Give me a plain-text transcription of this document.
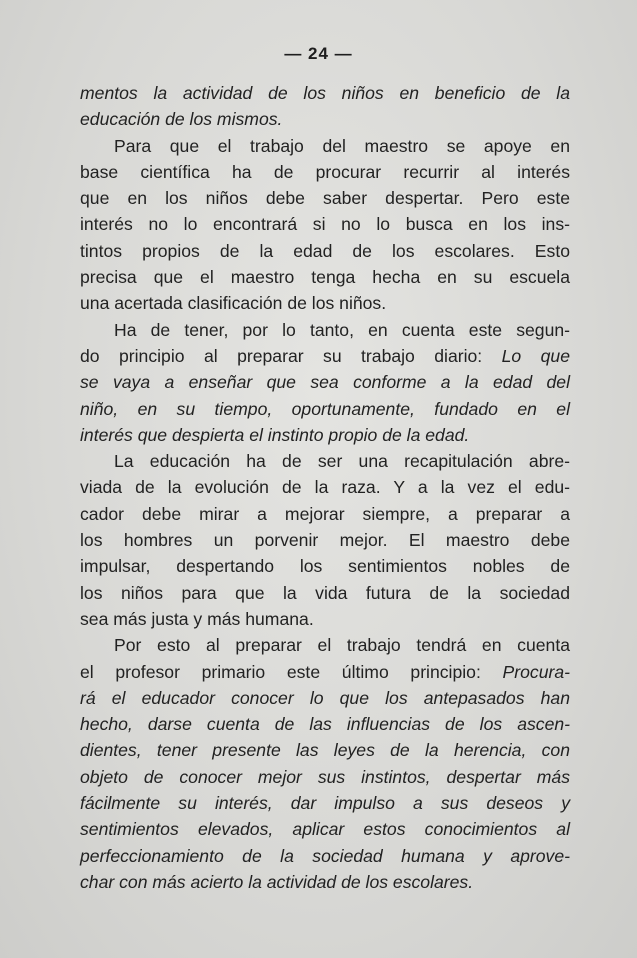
— 24 —
mentos la actividad de los niños en beneficio de la
educación de los mismos.
Para que el trabajo del maestro se apoye en
base científica ha de procurar recurrir al interés
que en los niños debe saber despertar. Pero este
interés no lo encontrará si no lo busca en los ins-
tintos propios de la edad de los escolares. Esto
precisa que el maestro tenga hecha en su escuela
una acertada clasificación de los niños.
Ha de tener, por lo tanto, en cuenta este segun-
do principio al preparar su trabajo diario: Lo que
se vaya a enseñar que sea conforme a la edad del
niño, en su tiempo, oportunamente, fundado en el
interés que despierta el instinto propio de la edad.
La educación ha de ser una recapitulación abre-
viada de la evolución de la raza. Y a la vez el edu-
cador debe mirar a mejorar siempre, a preparar a
los hombres un porvenir mejor. El maestro debe
impulsar, despertando los sentimientos nobles de
los niños para que la vida futura de la sociedad
sea más justa y más humana.
Por esto al preparar el trabajo tendrá en cuenta
el profesor primario este último principio: Procura-
rá el educador conocer lo que los antepasados han
hecho, darse cuenta de las influencias de los ascen-
dientes, tener presente las leyes de la herencia, con
objeto de conocer mejor sus instintos, despertar más
fácilmente su interés, dar impulso a sus deseos y
sentimientos elevados, aplicar estos conocimientos al
perfeccionamiento de la sociedad humana y aprove-
char con más acierto la actividad de los escolares.
